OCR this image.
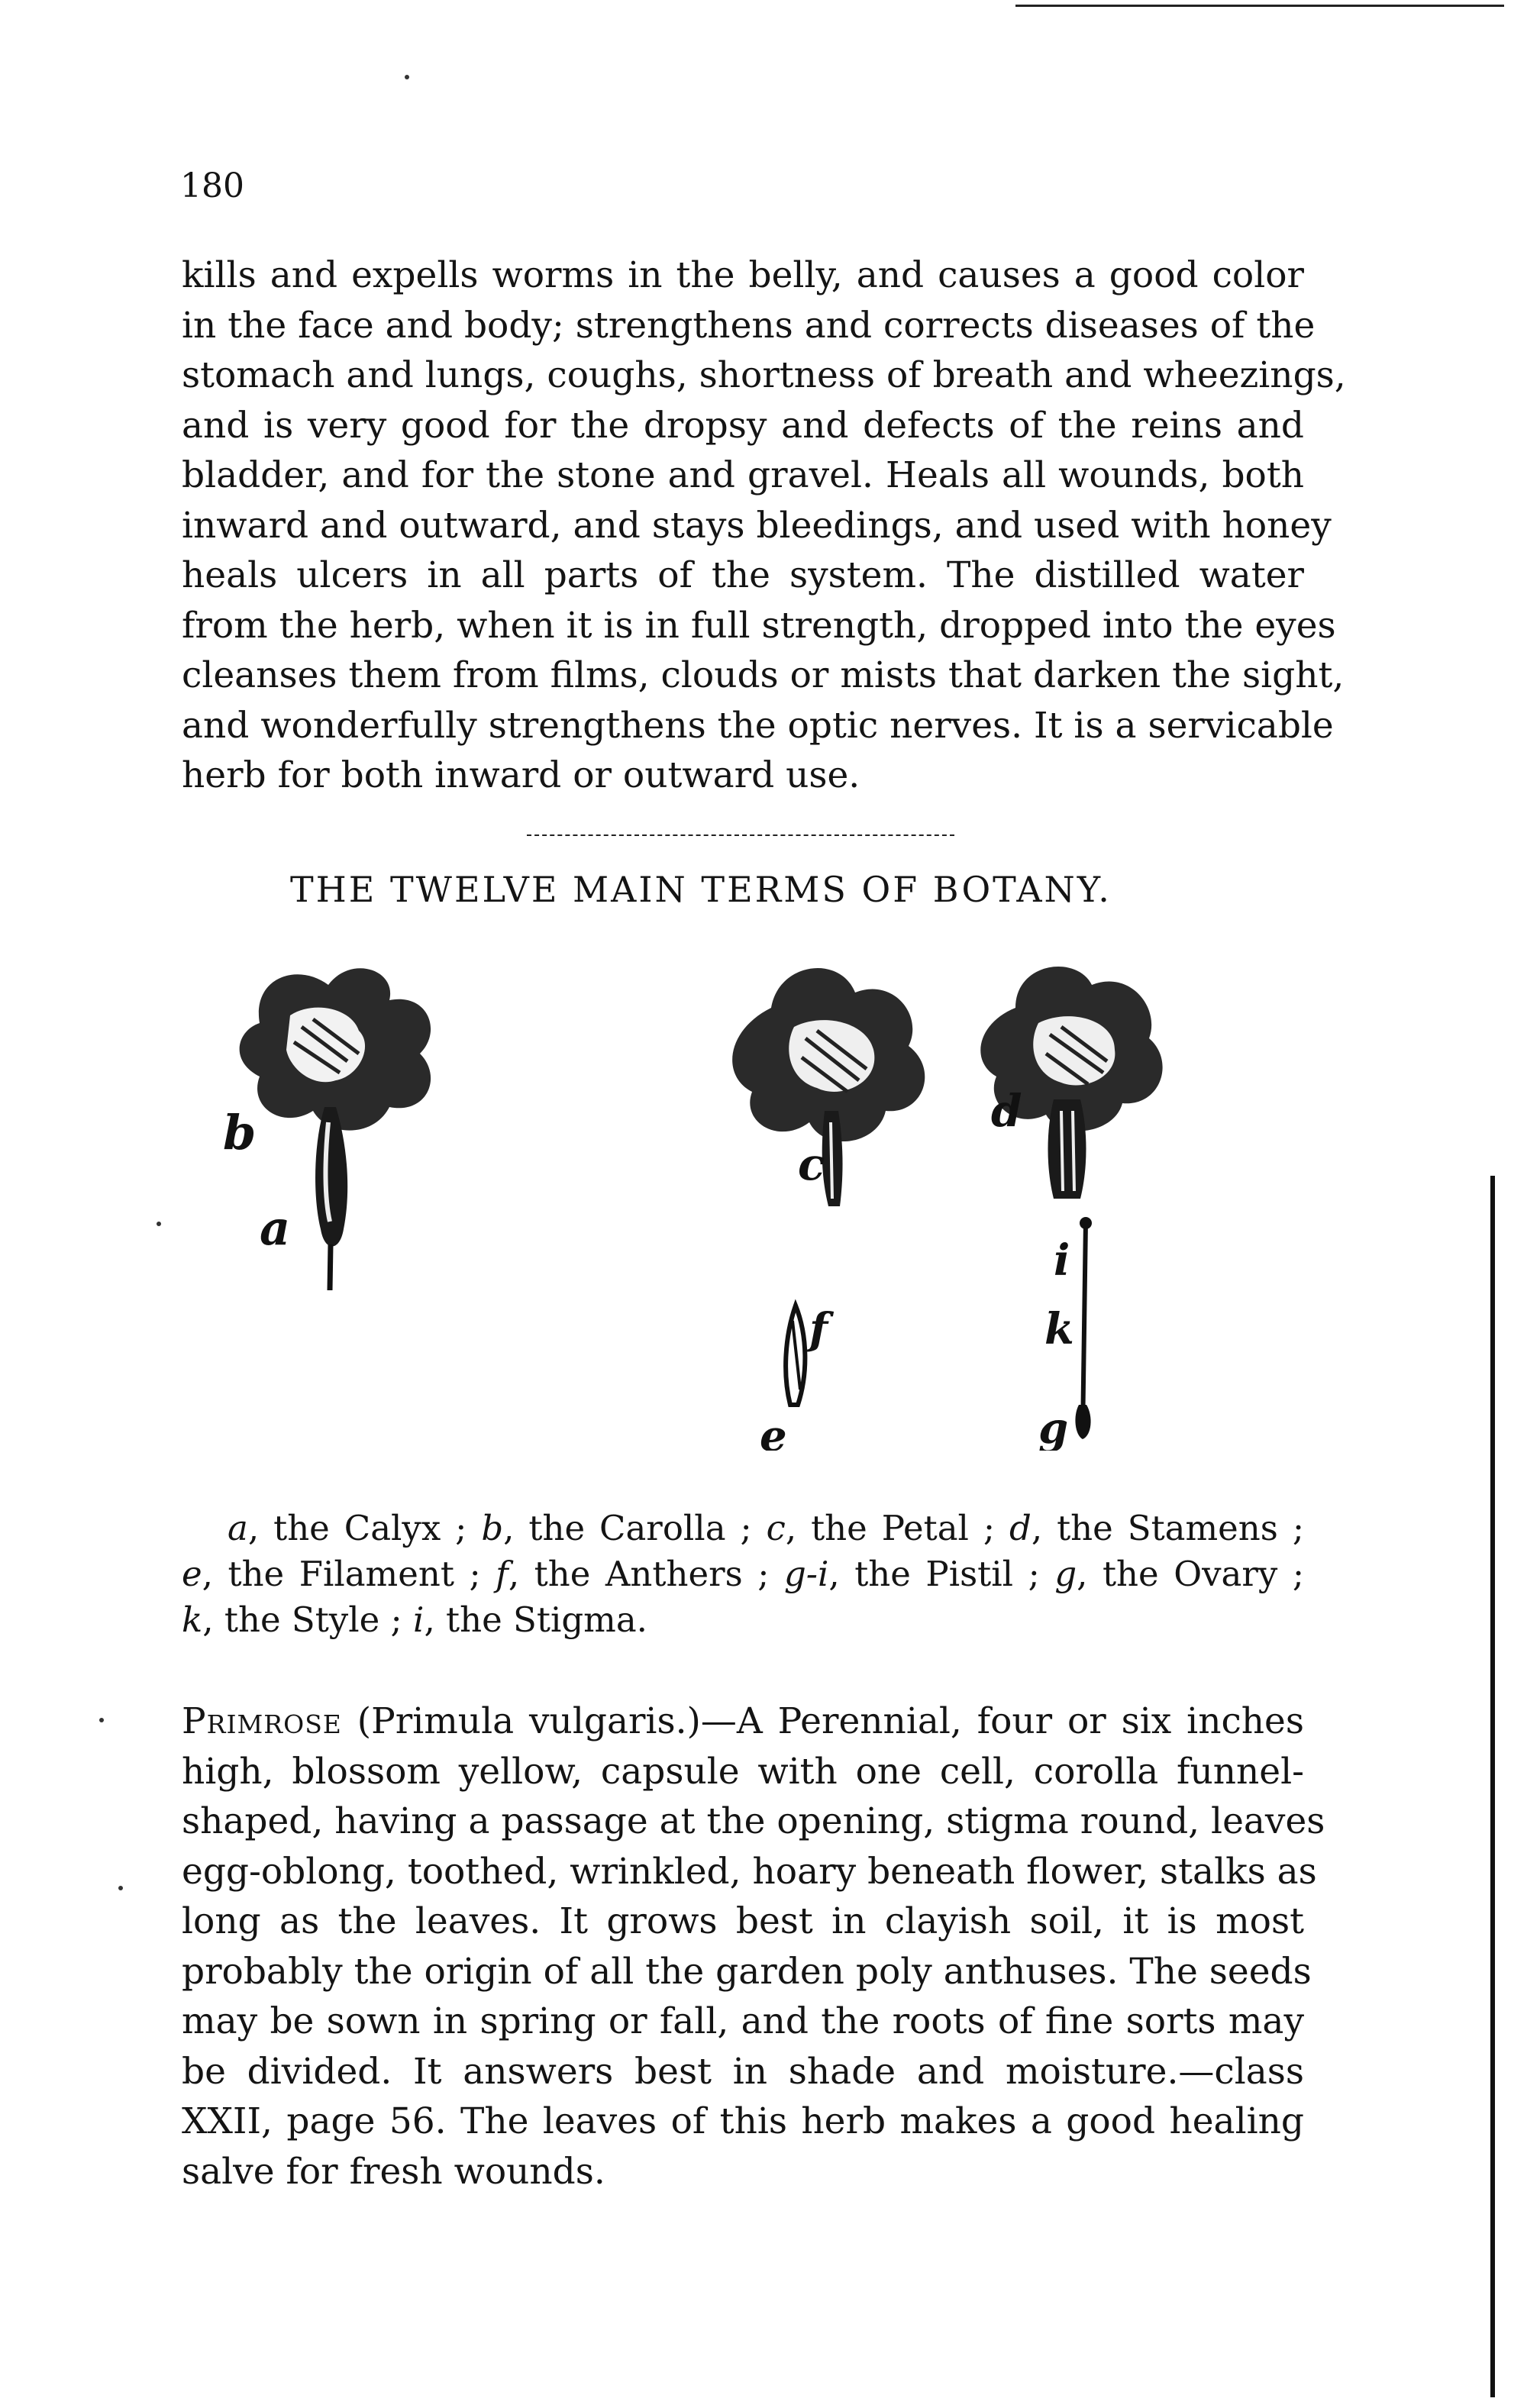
180

kills and expells worms in the belly, and causes a good color
in the face and body; strengthens and corrects diseases of the
stomach and lungs, coughs, shortness of breath and wheezings,
and is very good for the dropsy and defects of the reins and
bladder, and for the stone and gravel. Heals all wounds, both
inward and outward, and stays bleedings, and used with honey
heals ulcers in all parts of the system. The distilled water
from the herb, when it is in full strength, dropped into the eyes
cleanses them from films, clouds or mists that darken the sight,
and wonderfully strengthens the optic nerves. It is a servicable
herb for both inward or outward use.

THE TWELVE MAIN TERMS OF BOTANY.
b
a
c
d
f
e
i
k
g
a, the Calyx ; b, the Carolla ; c, the Petal ; d, the Stamens ;
e, the Filament ; f, the Anthers ; g-i, the Pistil ; g, the Ovary ;
k, the Style ; i, the Stigma.

Primrose (Primula vulgaris.)—A Perennial, four or six inches
high, blossom yellow, capsule with one cell, corolla funnel-
shaped, having a passage at the opening, stigma round, leaves
egg-oblong, toothed, wrinkled, hoary beneath flower, stalks as
long as the leaves. It grows best in clayish soil, it is most
probably the origin of all the garden poly anthuses. The seeds
may be sown in spring or fall, and the roots of fine sorts may
be divided. It answers best in shade and moisture.—class
XXII, page 56. The leaves of this herb makes a good healing
salve for fresh wounds.
